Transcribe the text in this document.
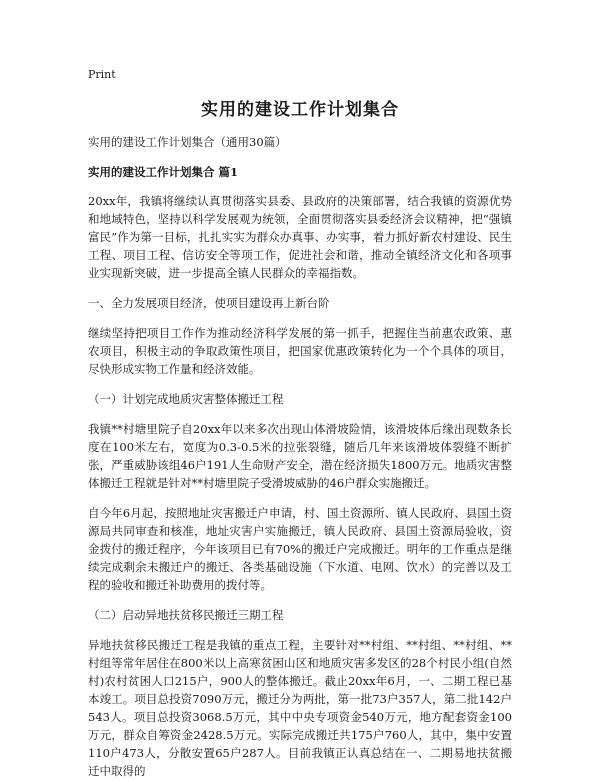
Print
实用的建设工作计划集合
实用的建设工作计划集合（通用30篇）
实用的建设工作计划集合 篇1

20xx年，我镇将继续认真贯彻落实县委、县政府的决策部署，结合我镇的资源优势和地域特色，坚持以科学发展观为统领，全面贯彻落实县委经济会议精神，把“强镇富民”作为第一目标，扎扎实实为群众办真事、办实事，着力抓好新农村建设、民生工程、项目工程、信访安全等项工作，促进社会和谐，推动全镇经济文化和各项事业实现新突破，进一步提高全镇人民群众的幸福指数。

一、全力发展项目经济，使项目建设再上新台阶

继续坚持把项目工作作为推动经济科学发展的第一抓手，把握住当前惠农政策、惠农项目，积极主动的争取政策性项目，把国家优惠政策转化为一个个具体的项目，尽快形成实物工作量和经济效能。

（一）计划完成地质灾害整体搬迁工程

我镇**村塘里院子自20xx年以来多次出现山体滑坡险情，该滑坡体后缘出现数条长度在100米左右，宽度为0.3-0.5米的拉张裂缝，随后几年来该滑坡体裂缝不断扩张，严重威胁该组46户191人生命财产安全，潜在经济损失1800万元。地质灾害整体搬迁工程就是针对**村塘里院子受滑坡威胁的46户群众实施搬迁。

自今年6月起，按照地址灾害搬迁户申请，村、国土资源所、镇人民政府、县国土资源局共同审查和核准，地址灾害户实施搬迁，镇人民政府、县国土资源局验收，资金拨付的搬迁程序，今年该项目已有70%的搬迁户完成搬迁。明年的工作重点是继续完成剩余未搬迁户的搬迁、各类基础设施（下水道、电网、饮水）的完善以及工程的验收和搬迁补助费用的拨付等。

（二）启动异地扶贫移民搬迁三期工程

异地扶贫移民搬迁工程是我镇的重点工程，主要针对**村组、**村组、**村组、**村组等常年居住在800米以上高寒贫困山区和地质灾害多发区的28个村民小组(自然村)农村贫困人口215户，900人的整体搬迁。截止20xx年6月，一、二期工程已基本竣工。项目总投资7090万元，搬迁分为两批，第一批73户357人，第二批142户543人。项目总投资3068.5万元，其中中央专项资金540万元，地方配套资金100万元，群众自筹资金2428.5万元。实际完成搬迁共175户760人，其中，集中安置110户473人，分散安置65户287人。目前我镇正认真总结在一、二期易地扶贫搬迁中取得的
